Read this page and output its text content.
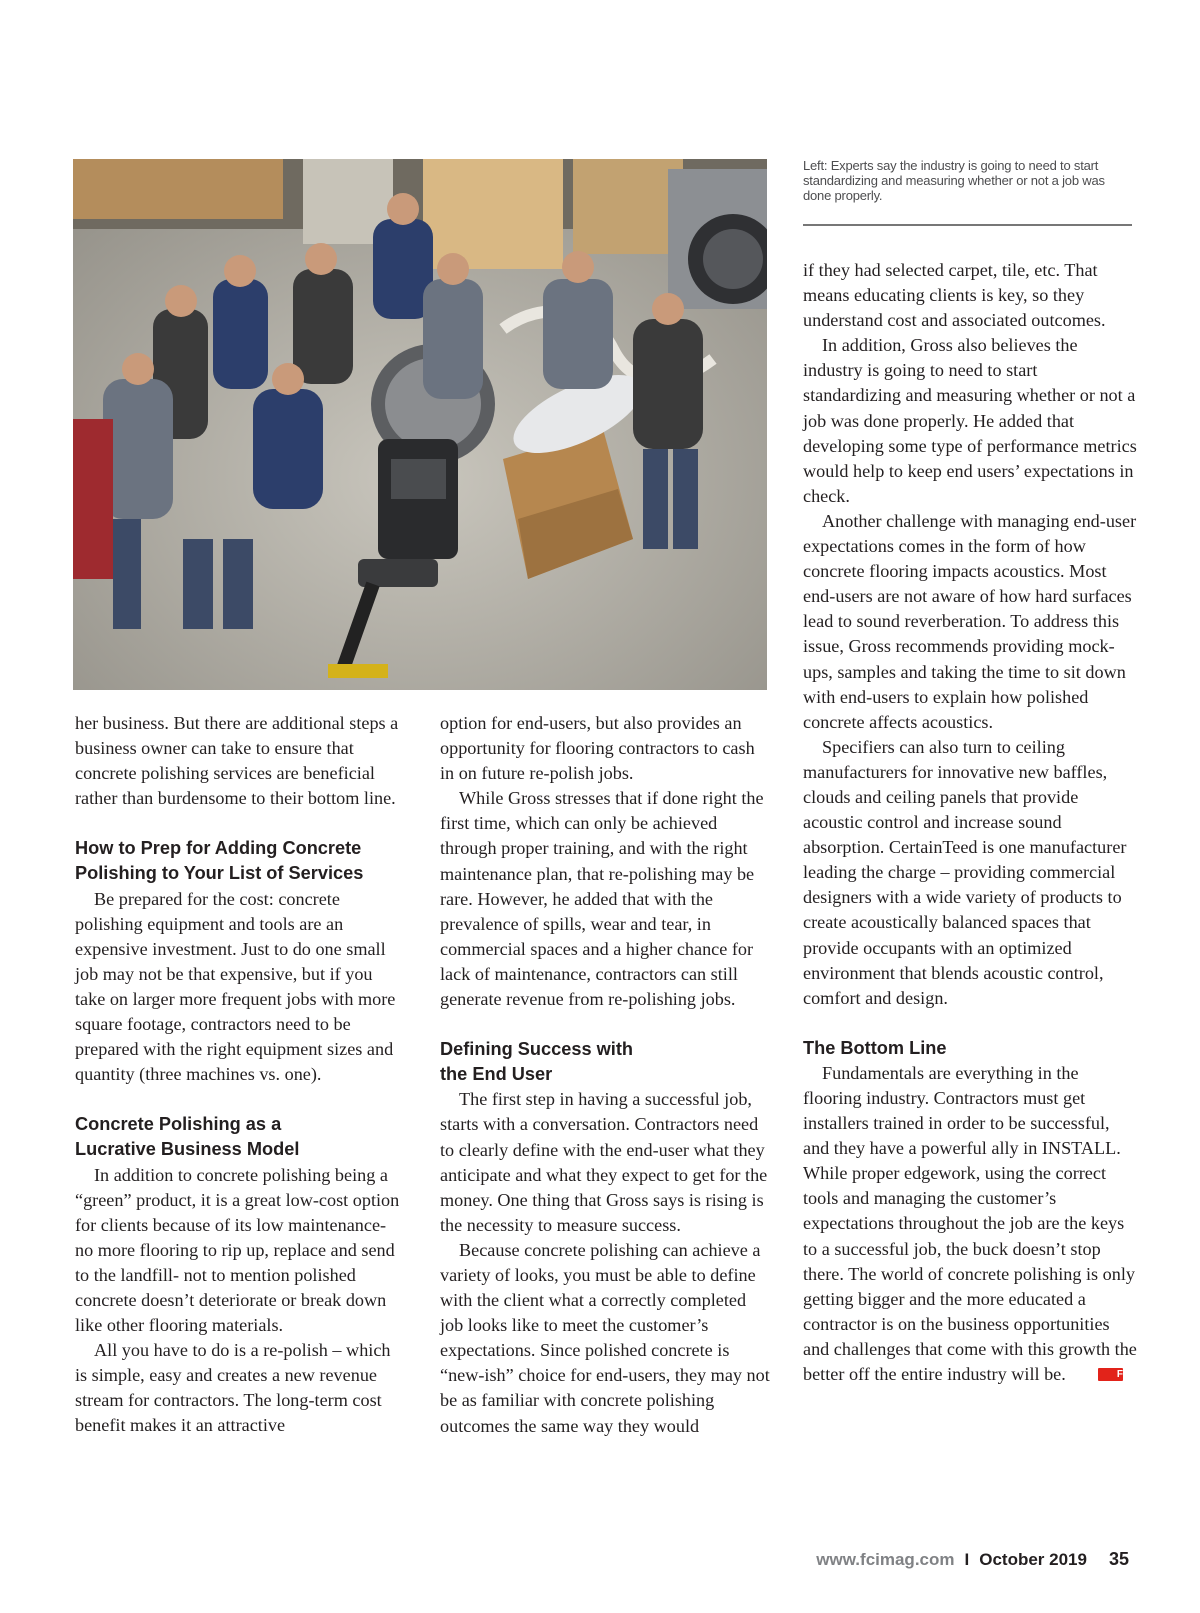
Left: Experts say the industry is going to need to start standardizing and measuring whether or not a job was done properly.

her business. But there are additional steps a business owner can take to ensure that concrete polishing services are beneficial rather than burdensome to their bottom line.

How to Prep for Adding Concrete
Polishing to Your List of Services

Be prepared for the cost: concrete polishing equipment and tools are an expensive investment. Just to do one small job may not be that expensive, but if you take on larger more frequent jobs with more square footage, contractors need to be prepared with the right equipment sizes and quantity (three machines vs. one).

Concrete Polishing as a
Lucrative Business Model

In addition to concrete polishing being a “green” product, it is a great low-cost option for clients because of its low maintenance- no more flooring to rip up, replace and send to the landfill- not to mention polished concrete doesn’t deteriorate or break down like other flooring materials.

All you have to do is a re-polish – which is simple, easy and creates a new revenue stream for contractors. The long-term cost benefit makes it an attractive

option for end-users, but also provides an opportunity for flooring contractors to cash in on future re-polish jobs.

While Gross stresses that if done right the first time, which can only be achieved through proper training, and with the right maintenance plan, that re-polishing may be rare. However, he added that with the prevalence of spills, wear and tear, in commercial spaces and a higher chance for lack of maintenance, contractors can still generate revenue from re-polishing jobs.

Defining Success with
the End User

The first step in having a successful job, starts with a conversation. Contractors need to clearly define with the end-user what they anticipate and what they expect to get for the money. One thing that Gross says is rising is the necessity to measure success.

Because concrete polishing can achieve a variety of looks, you must be able to define with the client what a correctly completed job looks like to meet the customer’s expectations. Since polished concrete is “new-ish” choice for end-users, they may not be as familiar with concrete polishing outcomes the same way they would

if they had selected carpet, tile, etc. That means educating clients is key, so they understand cost and associated outcomes.

In addition, Gross also believes the industry is going to need to start standardizing and measuring whether or not a job was done properly. He added that developing some type of performance metrics would help to keep end users’ expectations in check.

Another challenge with managing end-user expectations comes in the form of how concrete flooring impacts acoustics. Most end-users are not aware of how hard surfaces lead to sound reverberation. To address this issue, Gross recommends providing mock-ups, samples and taking the time to sit down with end-users to explain how polished concrete affects acoustics.

Specifiers can also turn to ceiling manufacturers for innovative new baffles, clouds and ceiling panels that provide acoustic control and increase sound absorption. CertainTeed is one manufacturer leading the charge – providing commercial designers with a wide variety of products to create acoustically balanced spaces that provide occupants with an optimized environment that blends acoustic control, comfort and design.

The Bottom Line

Fundamentals are everything in the flooring industry. Contractors must get installers trained in order to be successful, and they have a powerful ally in INSTALL. While proper edgework, using the correct tools and managing the customer’s expectations throughout the job are the keys to a successful job, the buck doesn’t stop there. The world of concrete polishing is only getting bigger and the more educated a contractor is on the business opportunities and challenges that come with this growth the better off the entire industry will be.	FCI

www.fcimag.com I October 2019 35
